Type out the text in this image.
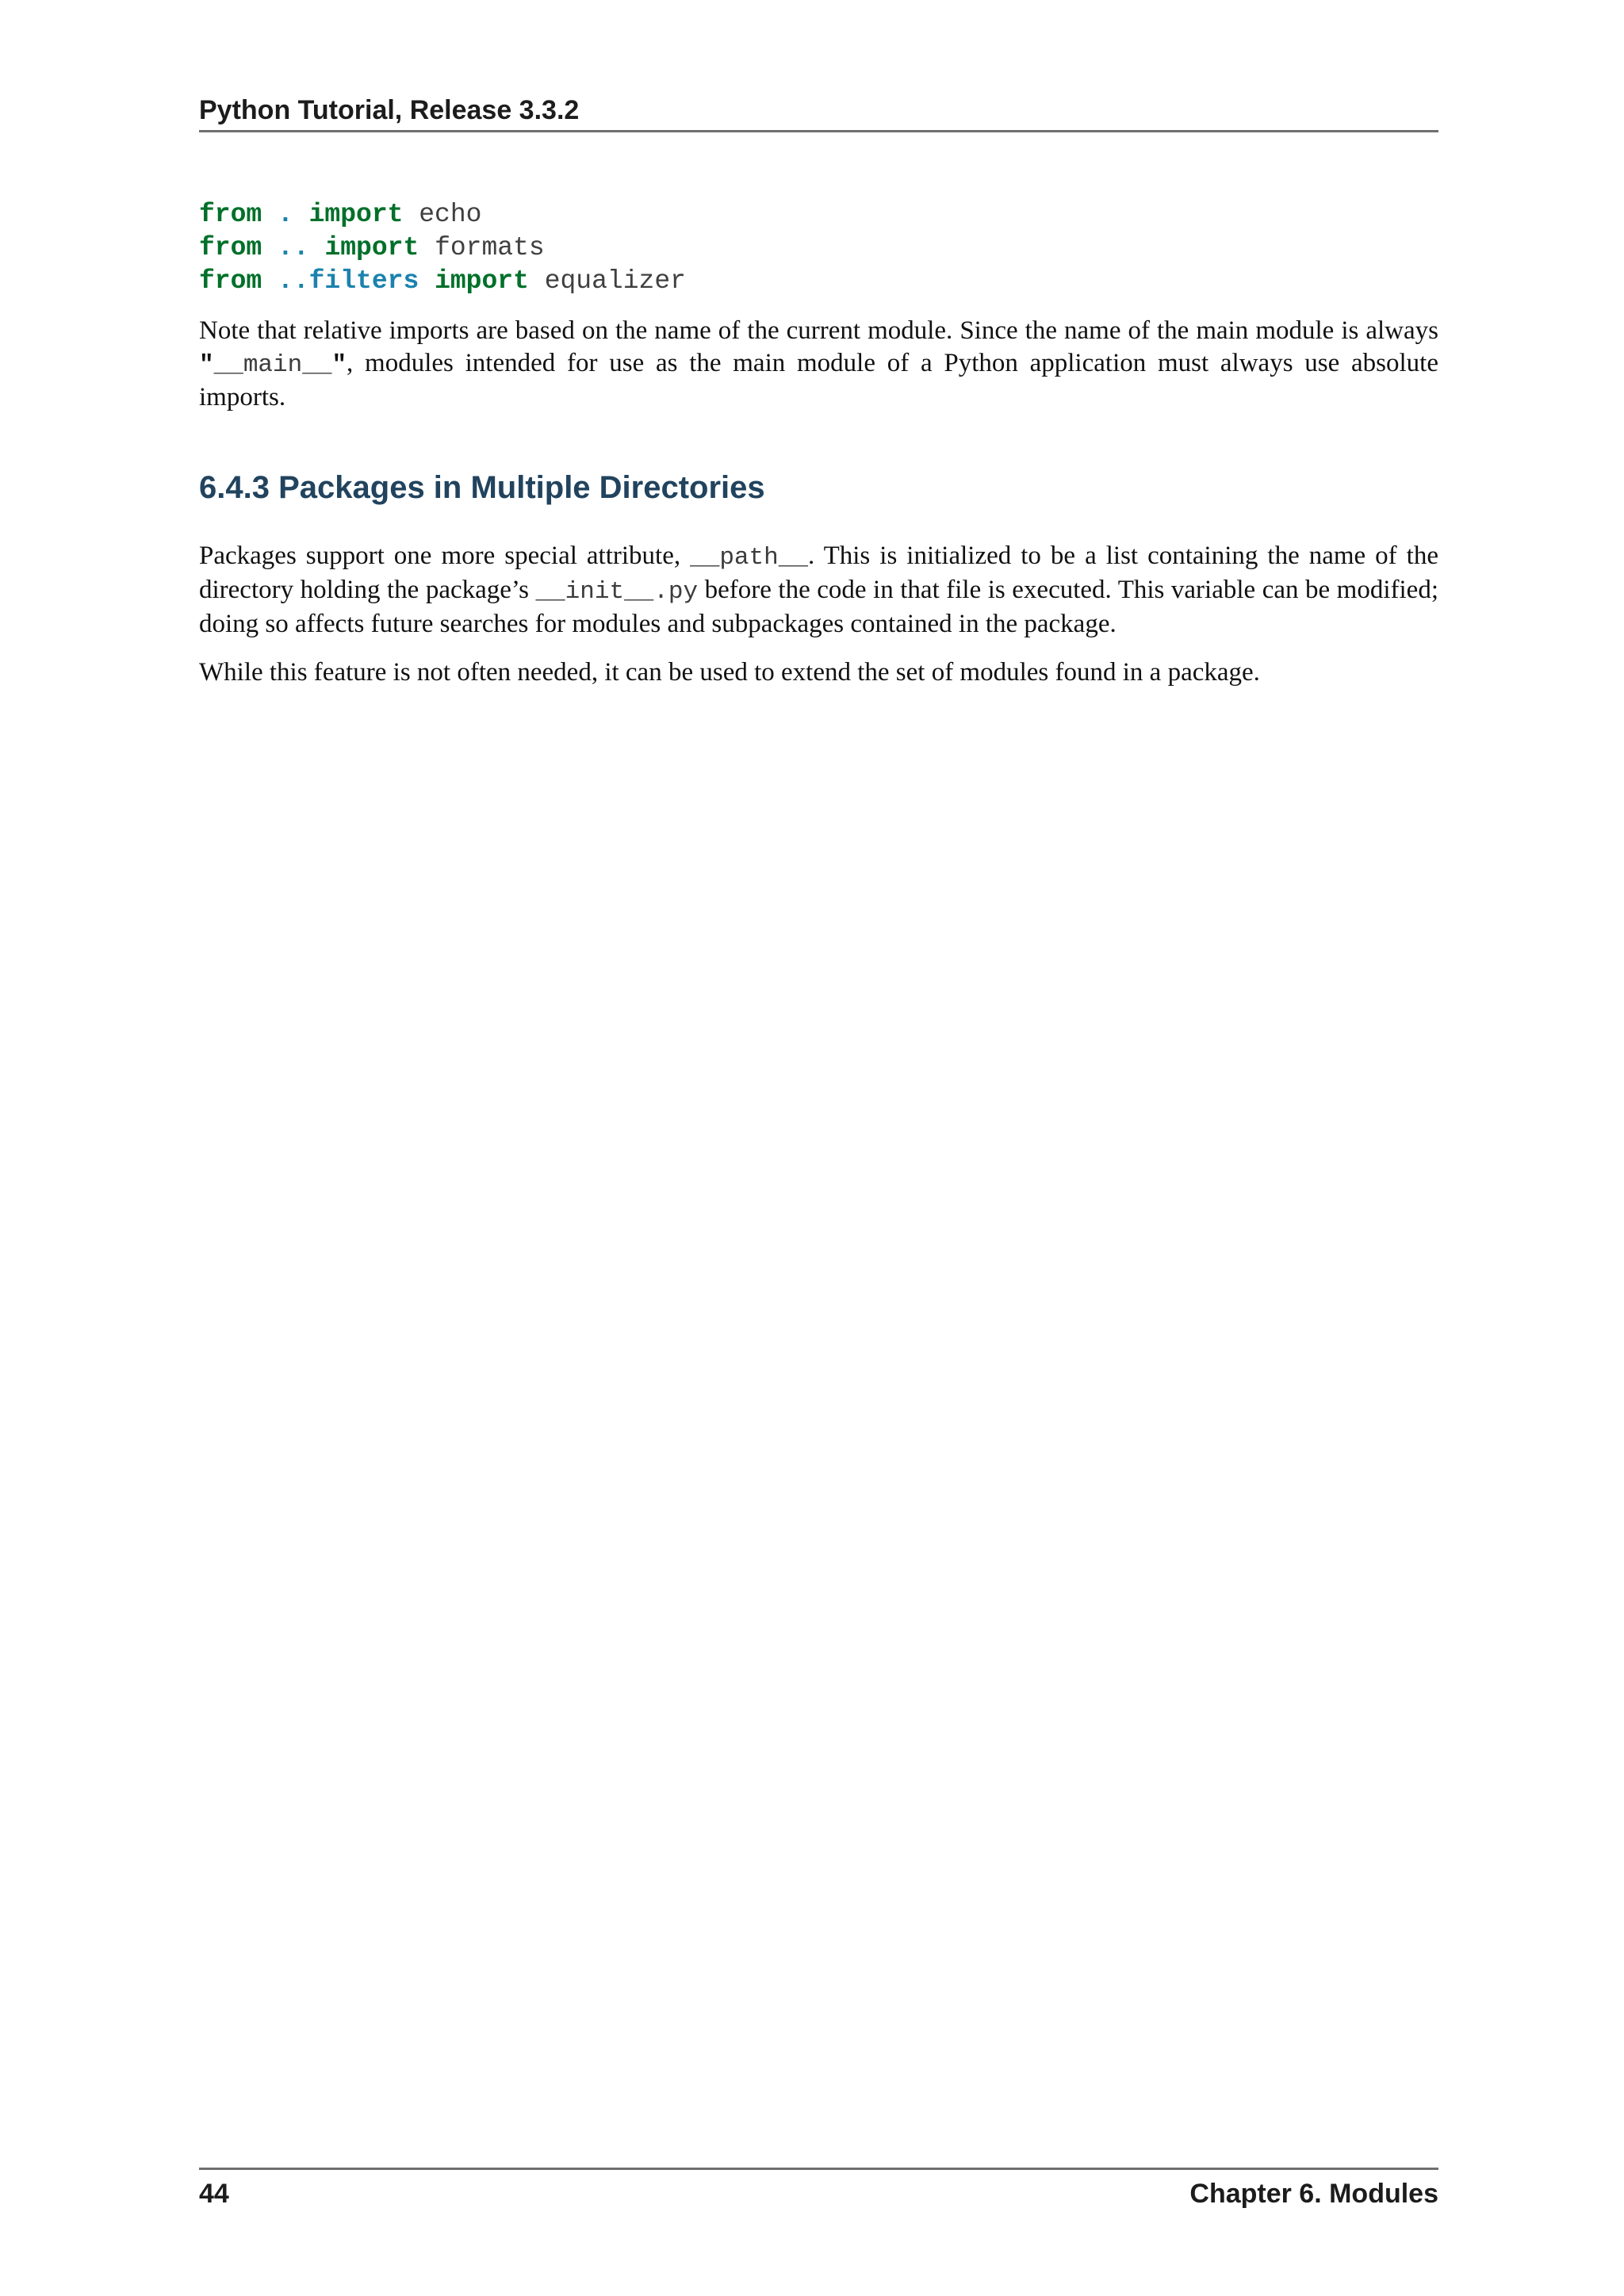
Python Tutorial, Release 3.3.2
from . import echo
from .. import formats
from ..filters import equalizer

Note that relative imports are based on the name of the current module. Since the name of the main module is always "__main__", modules intended for use as the main module of a Python application must always use absolute imports.

6.4.3 Packages in Multiple Directories

Packages support one more special attribute, __path__. This is initialized to be a list containing the name of the directory holding the package’s __init__.py before the code in that file is executed. This variable can be modified; doing so affects future searches for modules and subpackages contained in the package.

While this feature is not often needed, it can be used to extend the set of modules found in a package.

44	Chapter 6. Modules
